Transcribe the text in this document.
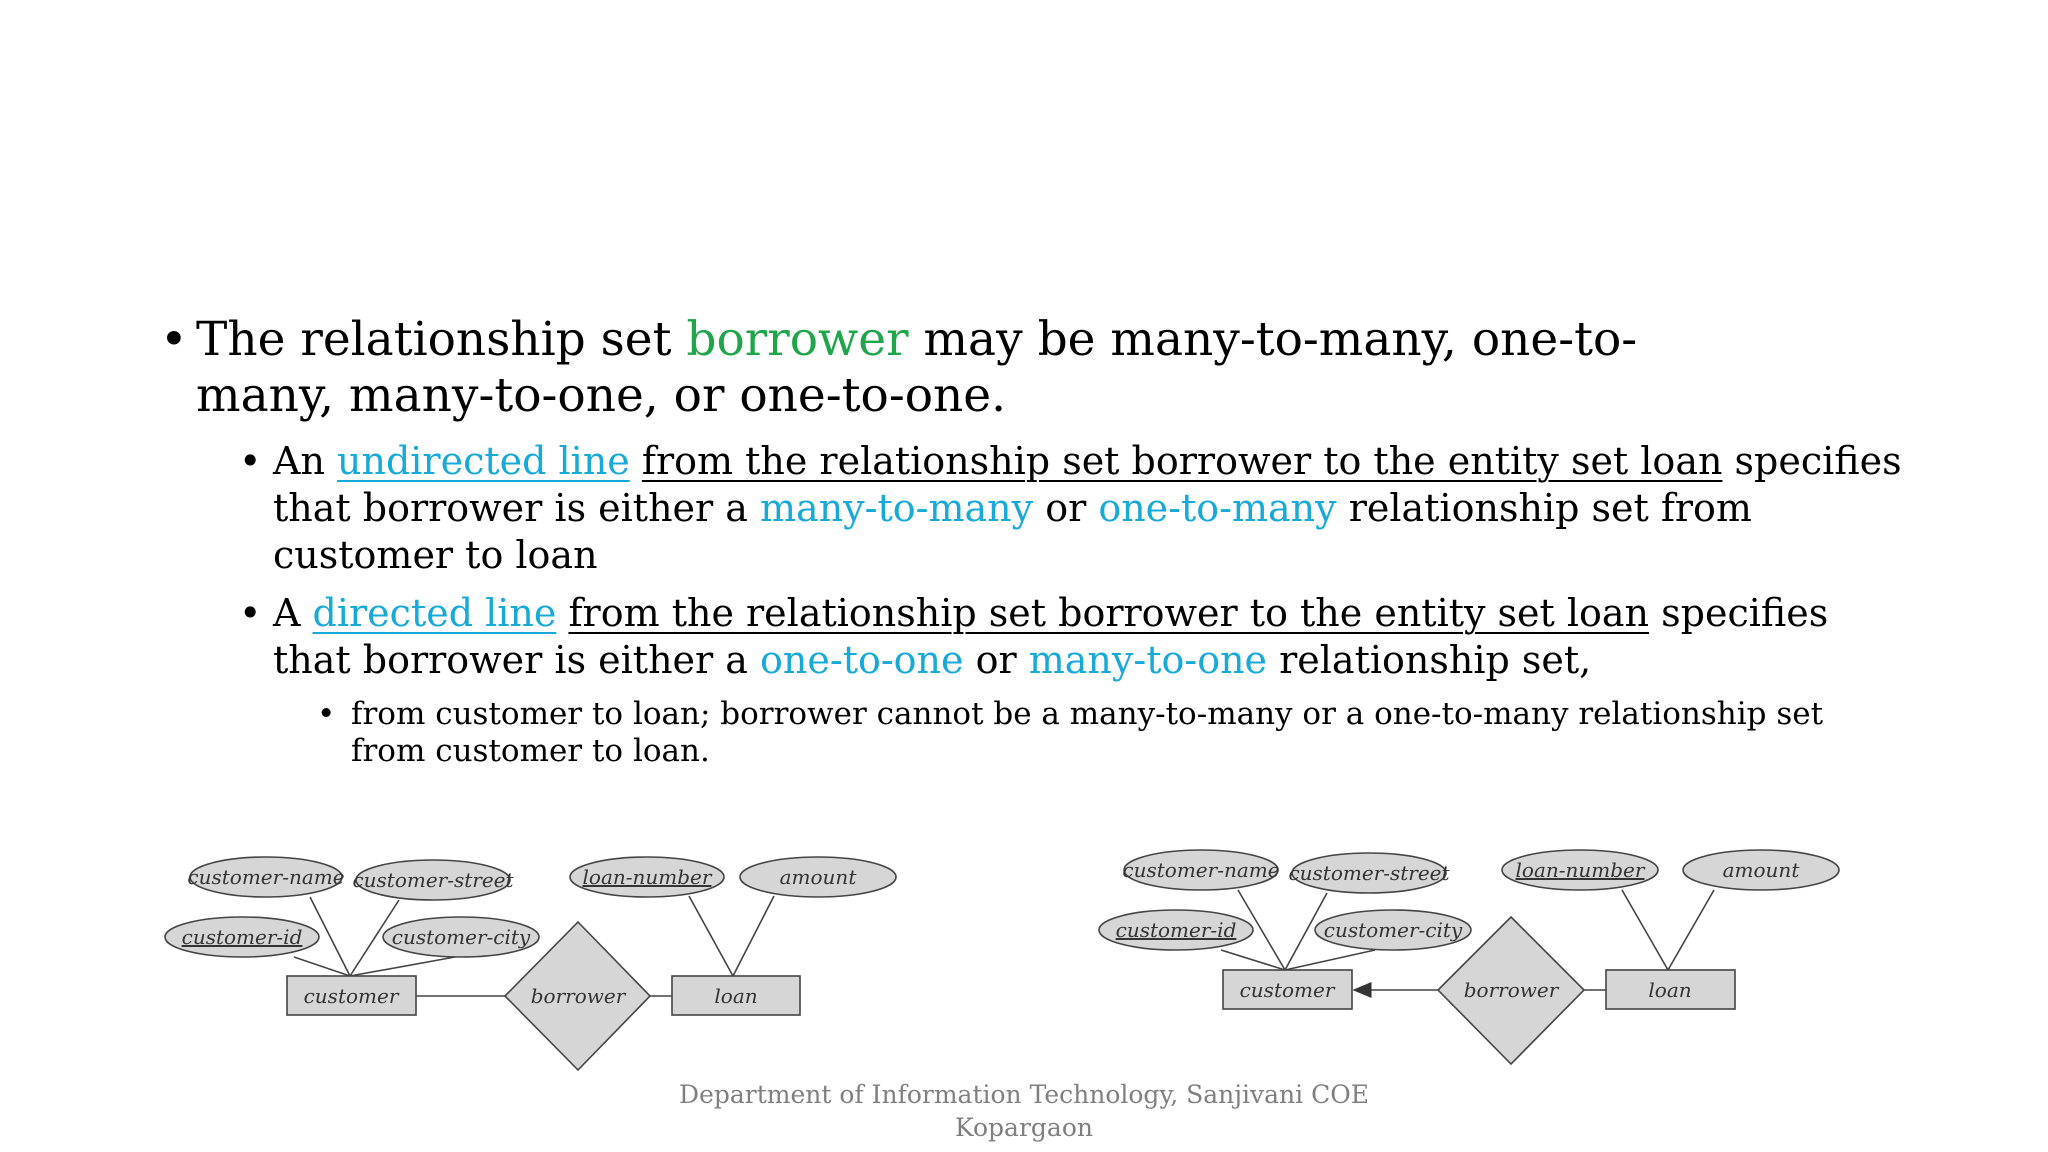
• The relationship set borrower may be many-to-many, one-to-many, many-to-one, or one-to-one.
• An undirected line from the relationship set borrower to the entity set loan specifies that borrower is either a many-to-many or one-to-many relationship set from customer to loan
• A directed line from the relationship set borrower to the entity set loan specifies that borrower is either a one-to-one or many-to-one relationship set,
• from customer to loan; borrower cannot be a many-to-many or a one-to-many relationship set from customer to loan.
customer-name customer-street
customer-id	customer-city
loan-number	amount
customer	loan
borrower
customer-name customer-street
customer-id	customer-city
loan-number	amount
customer	loan
borrower
Department of Information Technology, Sanjivani COE
Kopargaon
